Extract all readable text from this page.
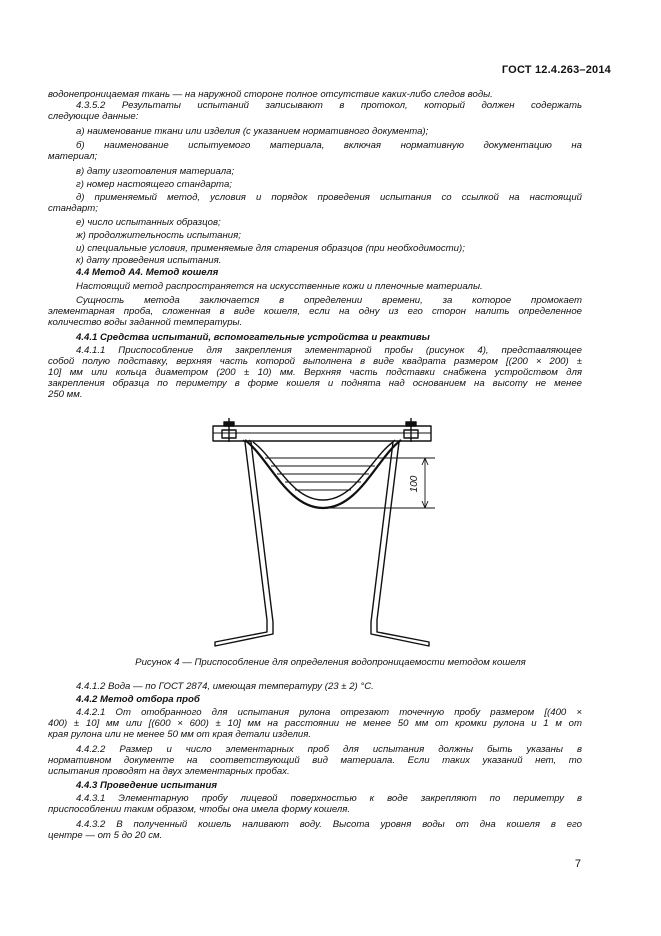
ГОСТ 12.4.263–2014
водонепроницаемая ткань — на наружной стороне полное отсутствие каких-либо следов воды.
4.3.5.2 Результаты испытаний записывают в протокол, который должен содержать
следующие данные:
а) наименование ткани или изделия (с указанием нормативного документа);
б) наименование испытуемого материала, включая нормативную документацию на
материал;
в) дату изготовления материала;
г) номер настоящего стандарта;
д) применяемый метод, условия и порядок проведения испытания со ссылкой на настоящий
стандарт;
е) число испытанных образцов;
ж) продолжительность испытания;
и) специальные условия, применяемые для старения образцов (при необходимости);
к) дату проведения испытания.
4.4 Метод А4. Метод кошеля
Настоящий метод распространяется на искусственные кожи и пленочные материалы.
Сущность метода заключается в определении времени, за которое промокает
элементарная проба, сложенная в виде кошеля, если на одну из его сторон налить определенное
количество воды заданной температуры.
4.4.1 Средства испытаний, вспомогательные устройства и реактивы
4.4.1.1 Приспособление для закрепления элементарной пробы (рисунок 4), представляющее
собой полую подставку, верхняя часть которой выполнена в виде квадрата размером [(200 × 200) ±
10] мм или кольца диаметром (200 ± 10) мм. Верхняя часть подставки снабжена устройством для
закрепления образца по периметру в форме кошеля и поднята над основанием на высоту не менее
250 мм.
100
Рисунок 4 — Приспособление для определения водопроницаемости методом кошеля
4.4.1.2 Вода — по ГОСТ 2874, имеющая температуру (23 ± 2) °С.
4.4.2 Метод отбора проб
4.4.2.1 От отобранного для испытания рулона отрезают точечную пробу размером [(400 ×
400) ± 10] мм или [(600 × 600) ± 10] мм на расстоянии не менее 50 мм от кромки рулона и 1 м от
края рулона или не менее 50 мм от края детали изделия.
4.4.2.2 Размер и число элементарных проб для испытания должны быть указаны в
нормативном документе на соответствующий вид материала. Если таких указаний нет, то
испытания проводят на двух элементарных пробах.
4.4.3 Проведение испытания
4.4.3.1 Элементарную пробу лицевой поверхностью к воде закрепляют по периметру в
приспособлении таким образом, чтобы она имела форму кошеля.
4.4.3.2 В полученный кошель наливают воду. Высота уровня воды от дна кошеля в его
центре — от 5 до 20 см.
7
